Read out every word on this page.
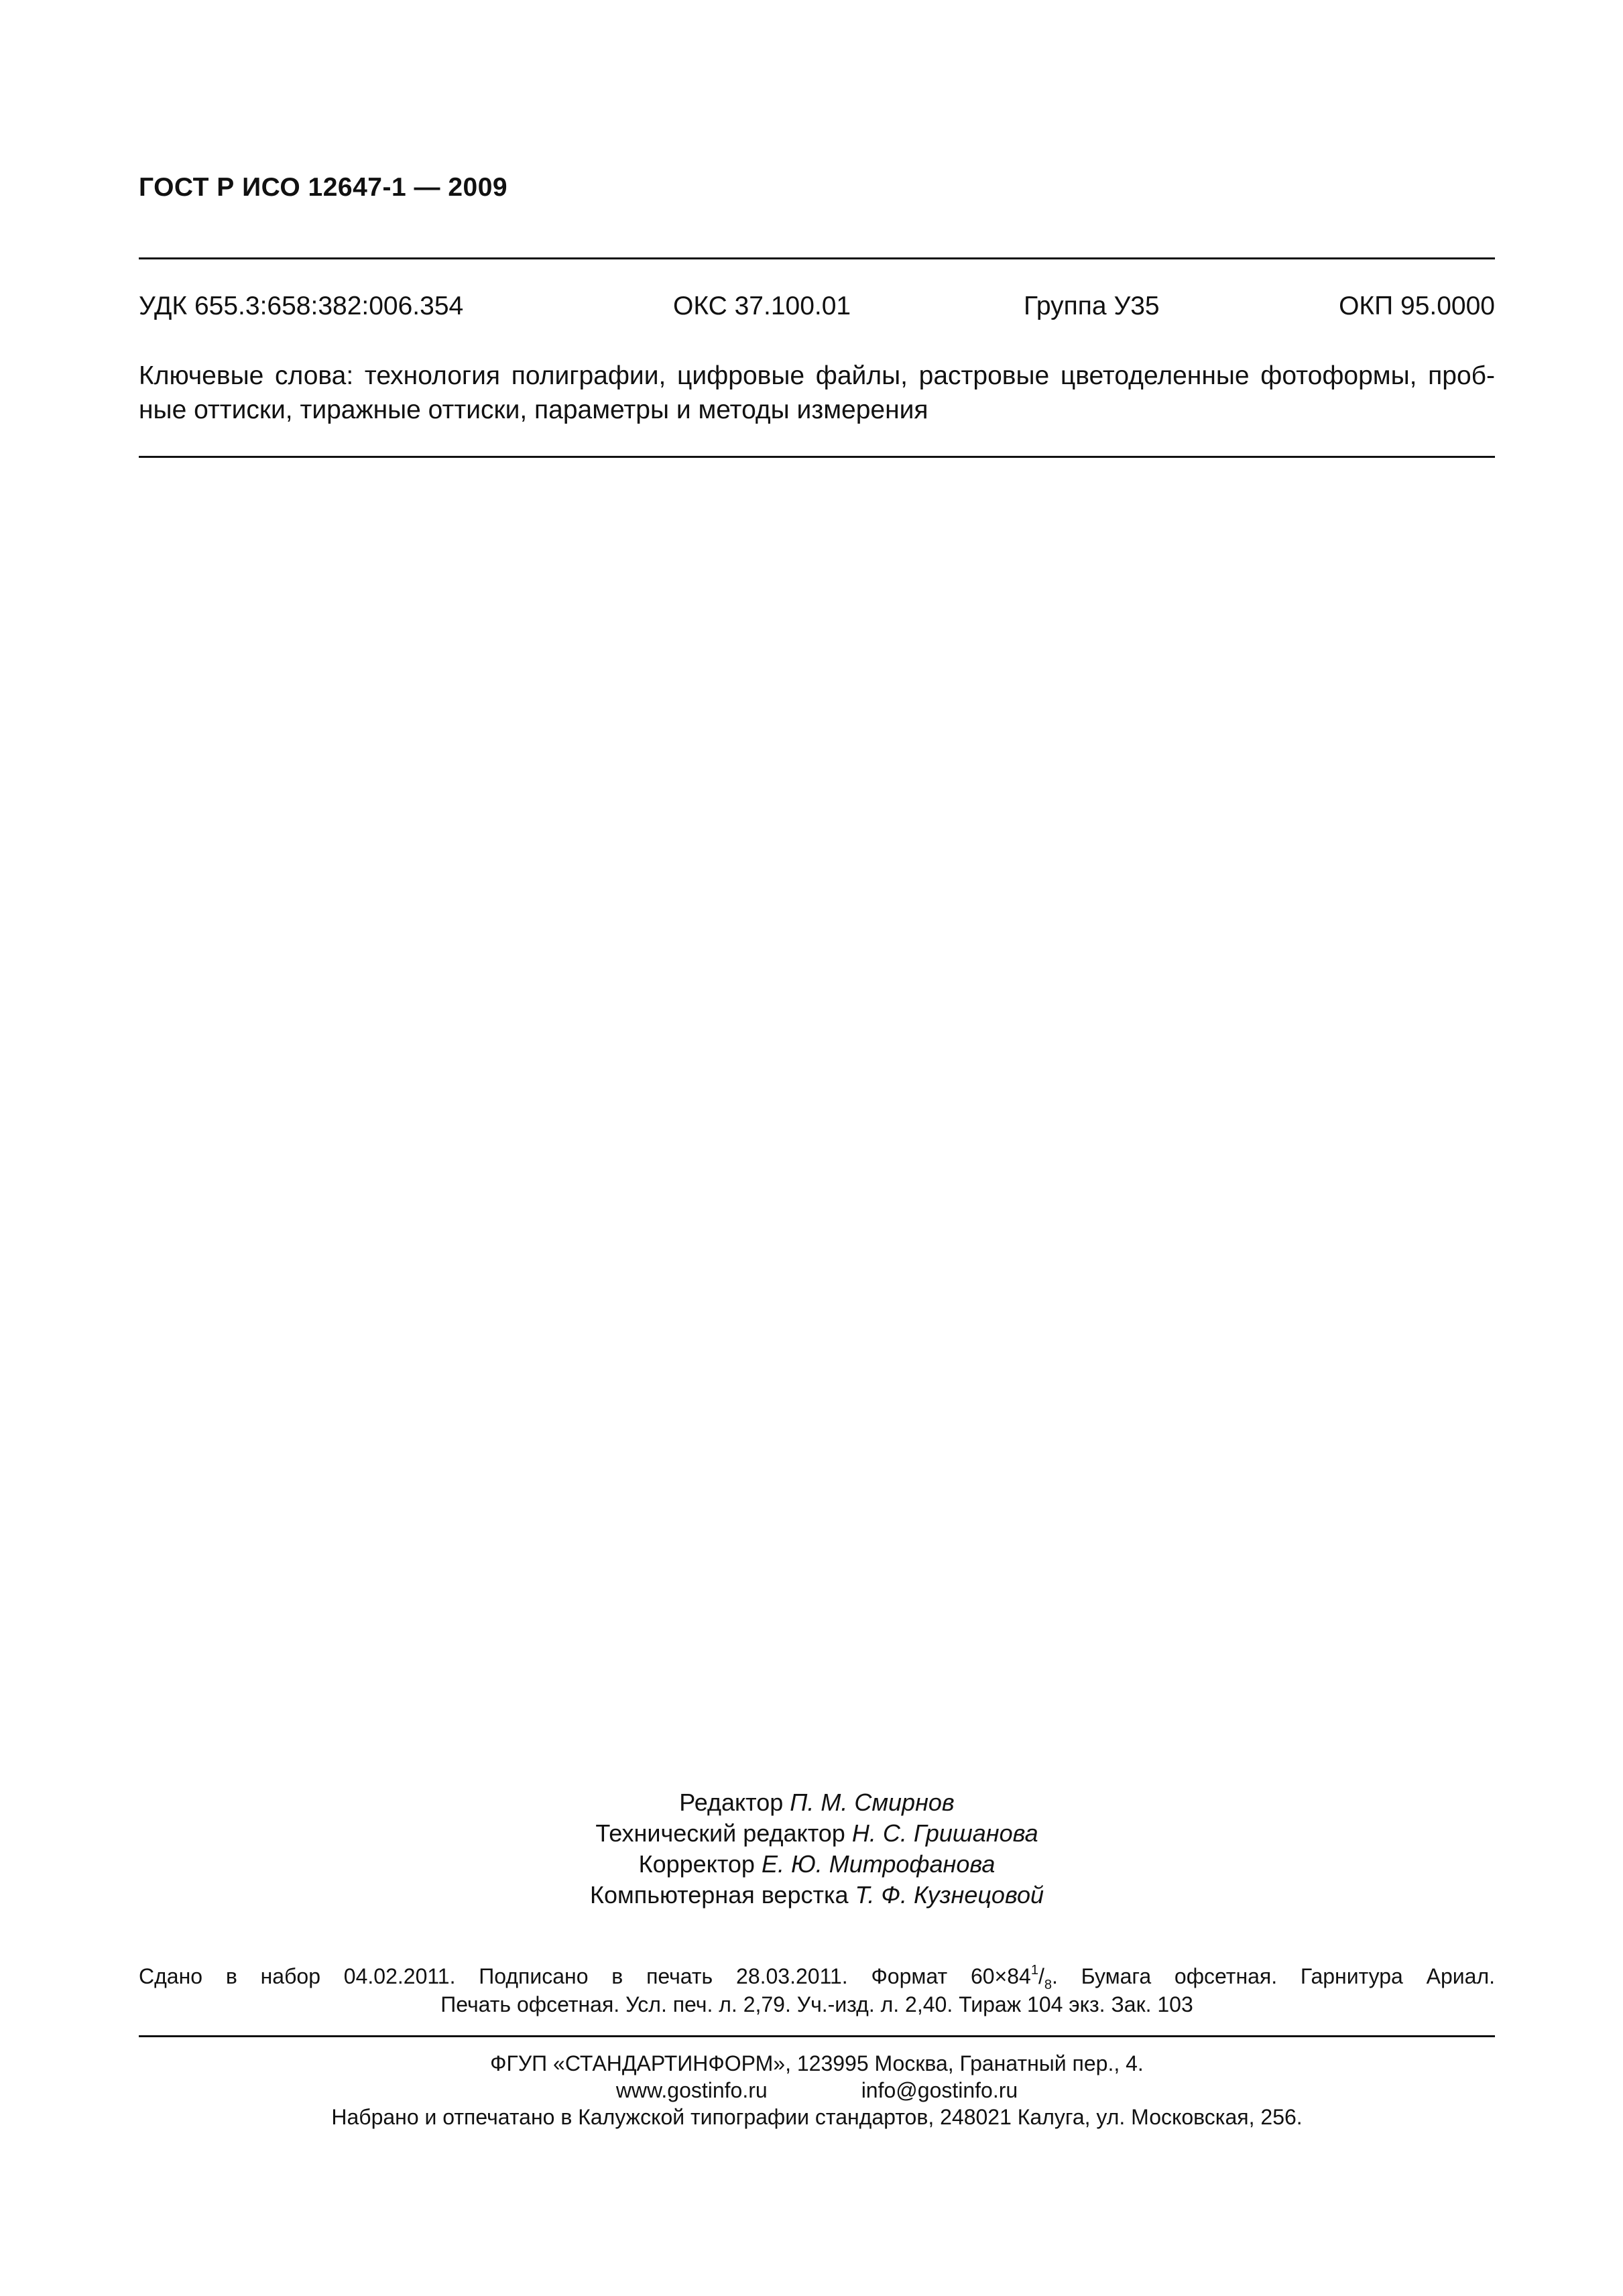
ГОСТ Р ИСО 12647-1 — 2009
УДК 655.3:658:382:006.354	ОКС 37.100.01	Группа У35	ОКП 95.0000
Ключевые слова: технология полиграфии, цифровые файлы, растровые цветоделенные фотоформы, проб-
ные оттиски, тиражные оттиски, параметры и методы измерения
Редактор П. М. Смирнов
Технический редактор Н. С. Гришанова
Корректор Е. Ю. Митрофанова
Компьютерная верстка Т. Ф. Кузнецовой
Сдано в набор 04.02.2011. Подписано в печать 28.03.2011. Формат $60\times 84^1/_8$. Бумага офсетная. Гарнитура Ариал.
Печать офсетная. Усл. печ. л. 2,79. Уч.-изд. л. 2,40. Тираж 104 экз. Зак. 103
ФГУП «СТАНДАРТИНФОРМ», 123995 Москва, Гранатный пер., 4.
www.gostinfo.ru	info@gostinfo.ru
Набрано и отпечатано в Калужской типографии стандартов, 248021 Калуга, ул. Московская, 256.
